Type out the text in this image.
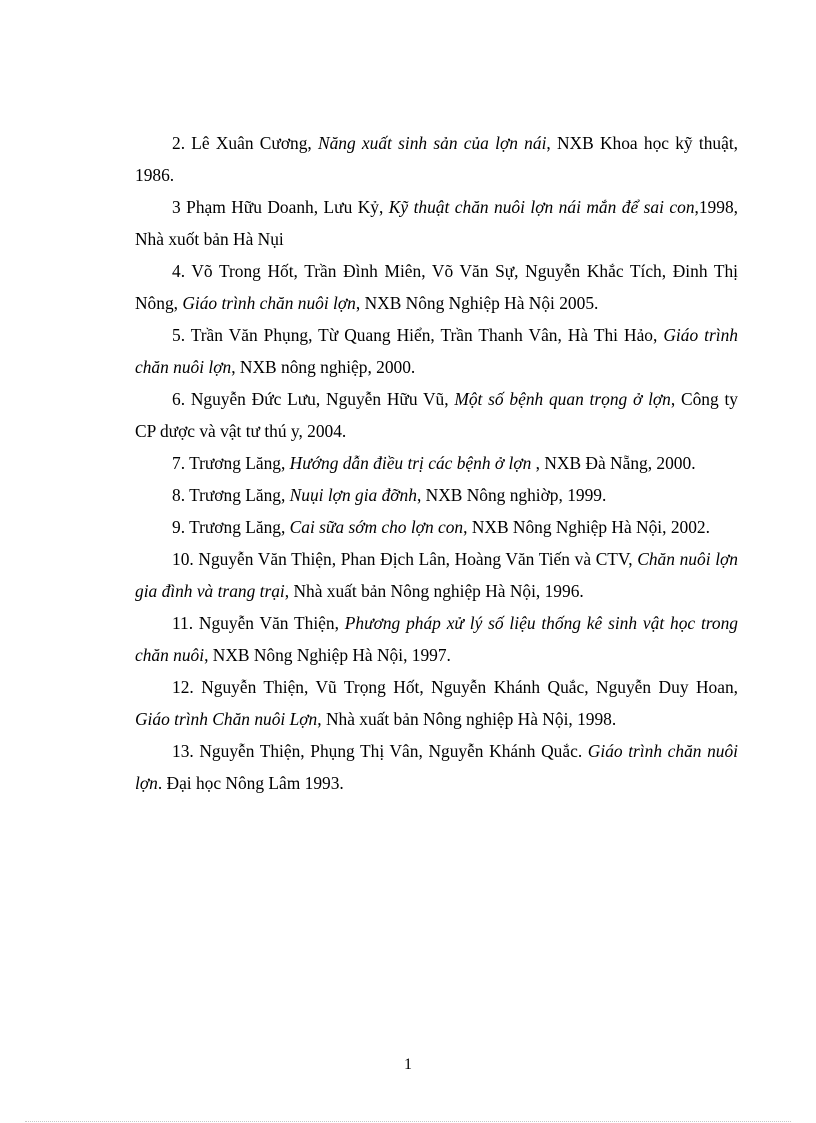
2. Lê Xuân Cương, Năng xuất sinh sản của lợn nái, NXB Khoa học kỹ thuật, 1986.

3 Phạm Hữu Doanh, Lưu Kỷ, Kỹ thuật chăn nuôi lợn nái mắn để sai con,1998, Nhà xuốt bản Hà Nụi

4. Võ Trong Hốt, Trần Đình Miên, Võ Văn Sự, Nguyễn Khắc Tích, Đinh Thị Nông, Giáo trình chăn nuôi lợn, NXB Nông Nghiệp Hà Nội 2005.

5. Trần Văn Phụng, Từ Quang Hiển, Trần Thanh Vân, Hà Thi Hảo, Giáo trình chăn nuôi lợn, NXB nông nghiệp, 2000.

6. Nguyễn Đức Lưu, Nguyễn Hữu Vũ, Một số bệnh quan trọng ở lợn, Công ty CP dược và vật tư thú y, 2004.

7. Trương Lăng, Hướng dẫn điều trị các bệnh ở lợn , NXB Đà Nẵng, 2000.

8. Trương Lăng, Nuụi lợn gia đỡnh, NXB Nông nghiờp, 1999.

9. Trương Lăng, Cai sữa sớm cho lợn con, NXB Nông Nghiệp Hà Nội, 2002.

10. Nguyễn Văn Thiện, Phan Địch Lân, Hoàng Văn Tiến và CTV, Chăn nuôi lợn gia đình và trang trại, Nhà xuất bản Nông nghiệp Hà Nội, 1996.

11. Nguyễn Văn Thiện, Phương pháp xử lý số liệu thống kê sinh vật học trong chăn nuôi, NXB Nông Nghiệp Hà Nội, 1997.

12. Nguyễn Thiện, Vũ Trọng Hốt, Nguyễn Khánh Quắc, Nguyễn Duy Hoan, Giáo trình Chăn nuôi Lợn, Nhà xuất bản Nông nghiệp Hà Nội, 1998.

13. Nguyễn Thiện, Phụng Thị Vân, Nguyễn Khánh Quắc. Giáo trình chăn nuôi lợn. Đại học Nông Lâm 1993.

1
